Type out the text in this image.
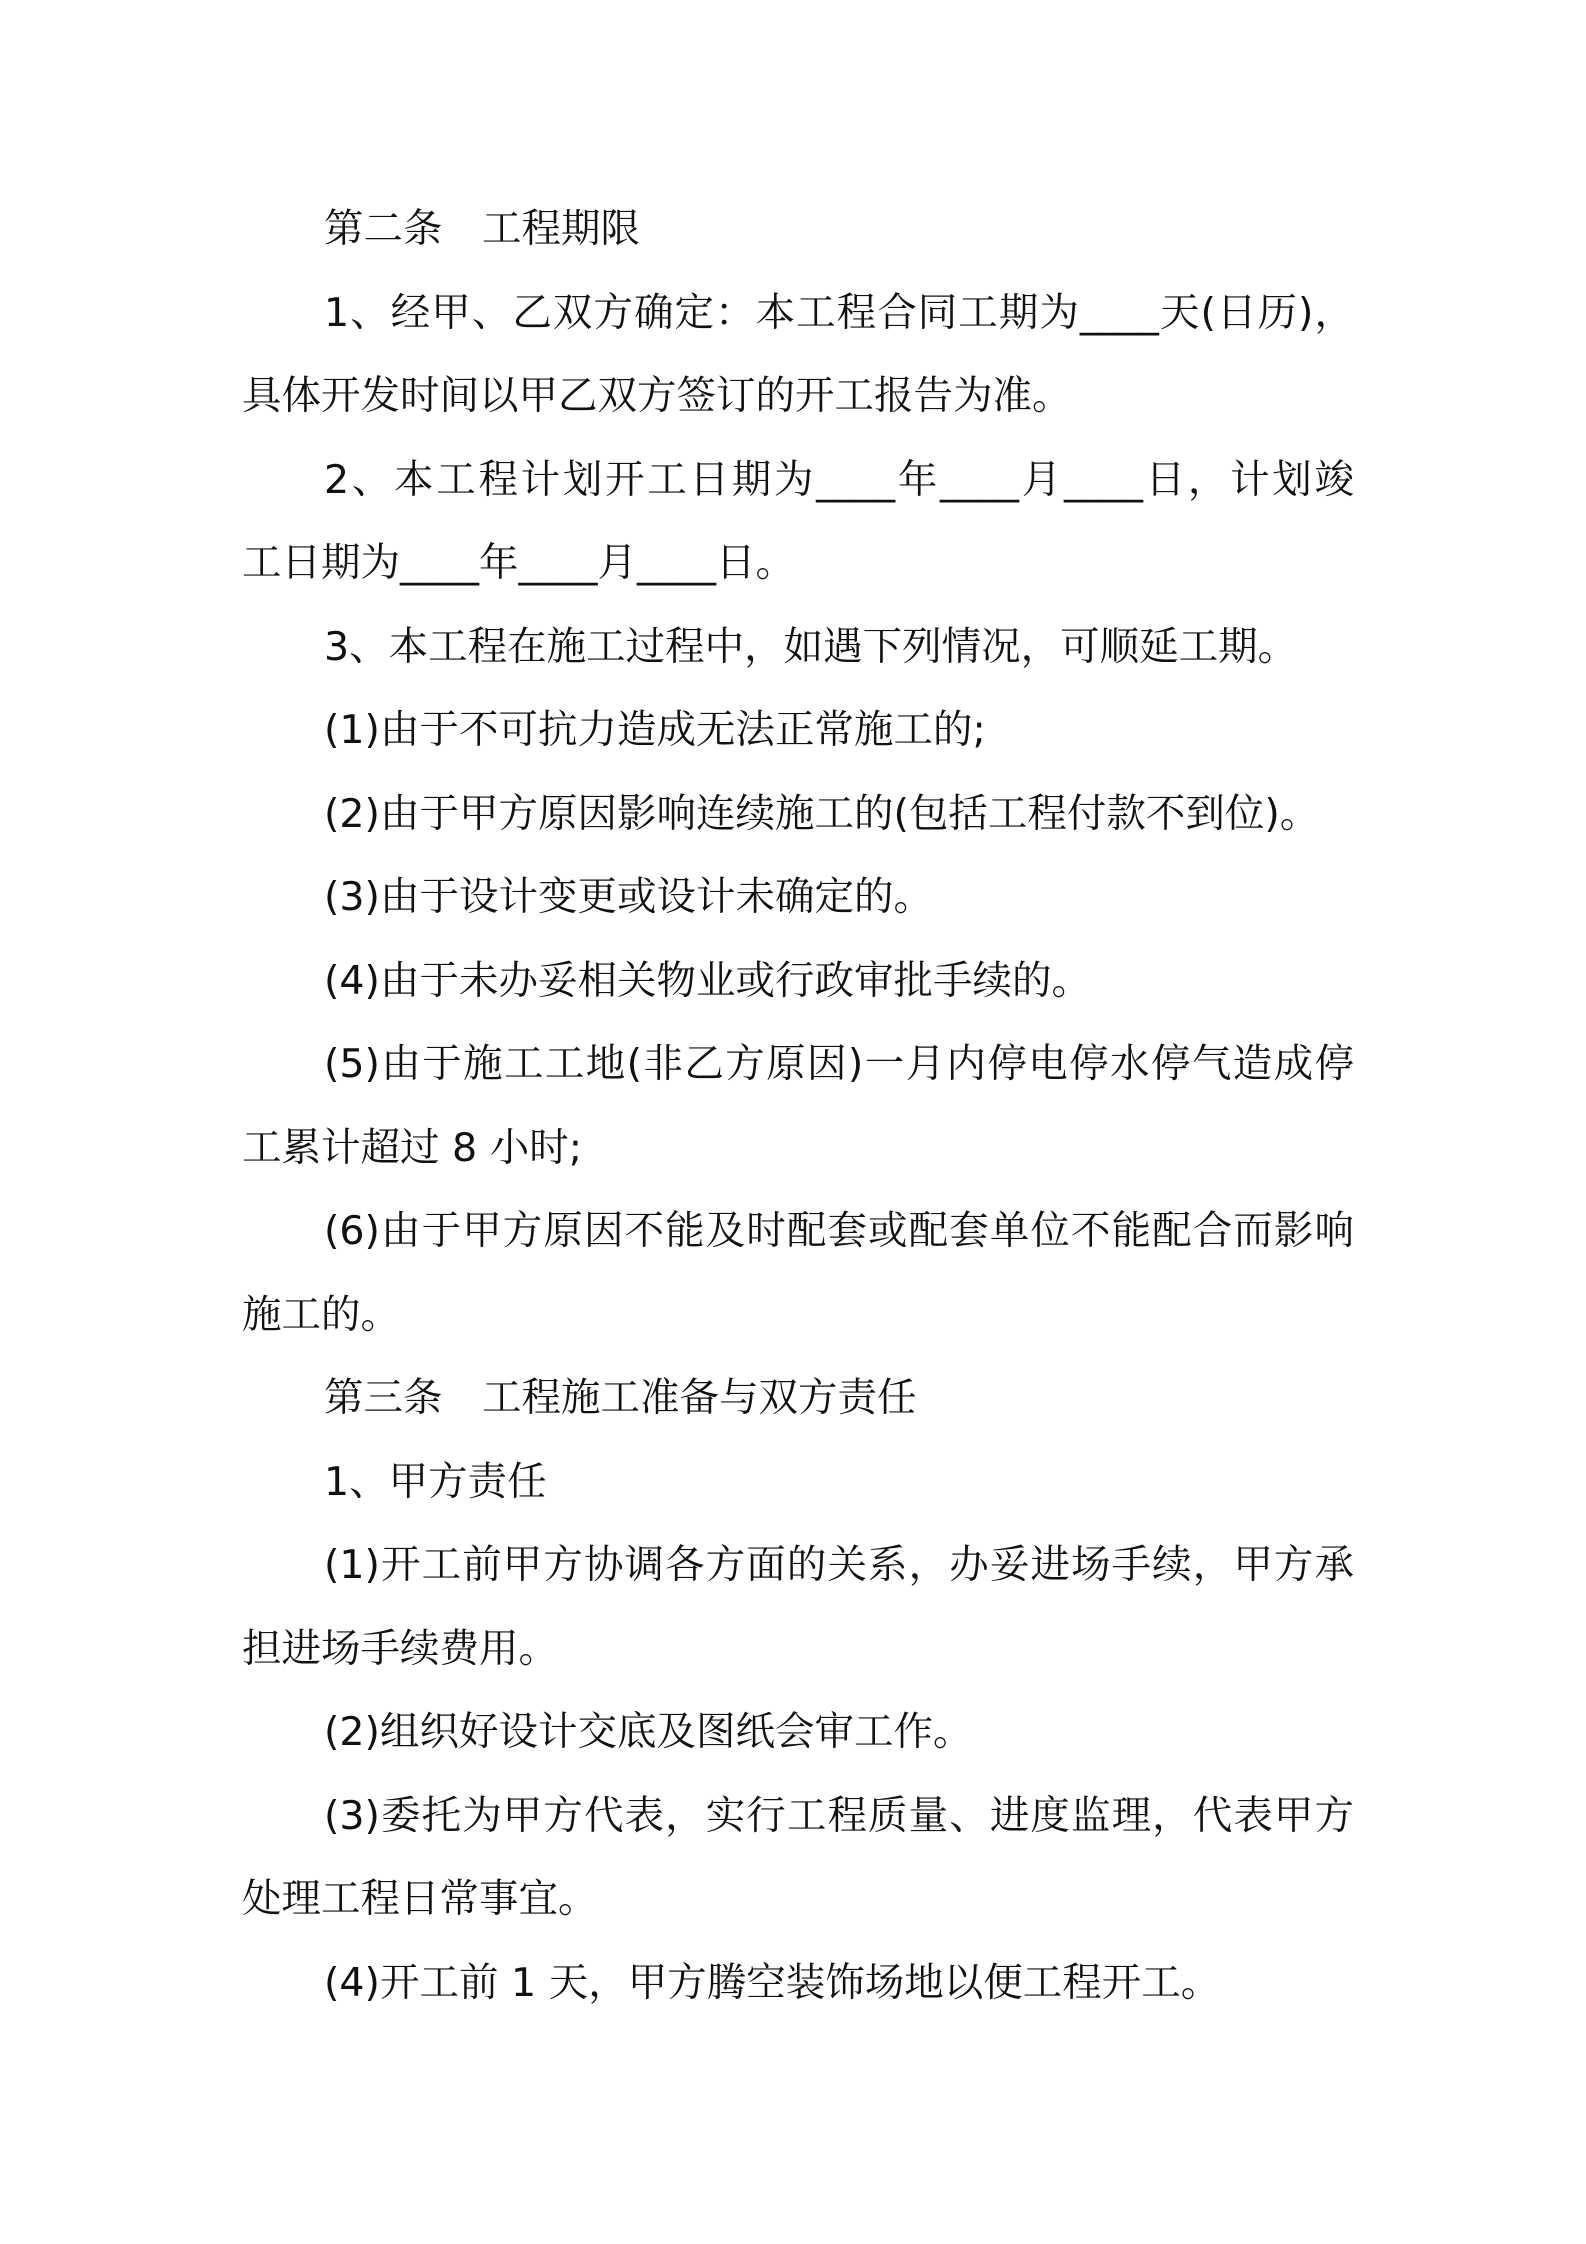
第二条　工程期限
1、经甲、乙双方确定：本工程合同工期为____天(日历)，
具体开发时间以甲乙双方签订的开工报告为准。
2、本工程计划开工日期为____年____月____日，计划竣
工日期为____年____月____日。
3、本工程在施工过程中，如遇下列情况，可顺延工期。
(1)由于不可抗力造成无法正常施工的;
(2)由于甲方原因影响连续施工的(包括工程付款不到位)。
(3)由于设计变更或设计未确定的。
(4)由于未办妥相关物业或行政审批手续的。
(5)由于施工工地(非乙方原因)一月内停电停水停气造成停
工累计超过 8 小时;
(6)由于甲方原因不能及时配套或配套单位不能配合而影响
施工的。
第三条　工程施工准备与双方责任
1、甲方责任
(1)开工前甲方协调各方面的关系，办妥进场手续，甲方承
担进场手续费用。
(2)组织好设计交底及图纸会审工作。
(3)委托为甲方代表，实行工程质量、进度监理，代表甲方
处理工程日常事宜。
(4)开工前 1 天，甲方腾空装饰场地以便工程开工。
